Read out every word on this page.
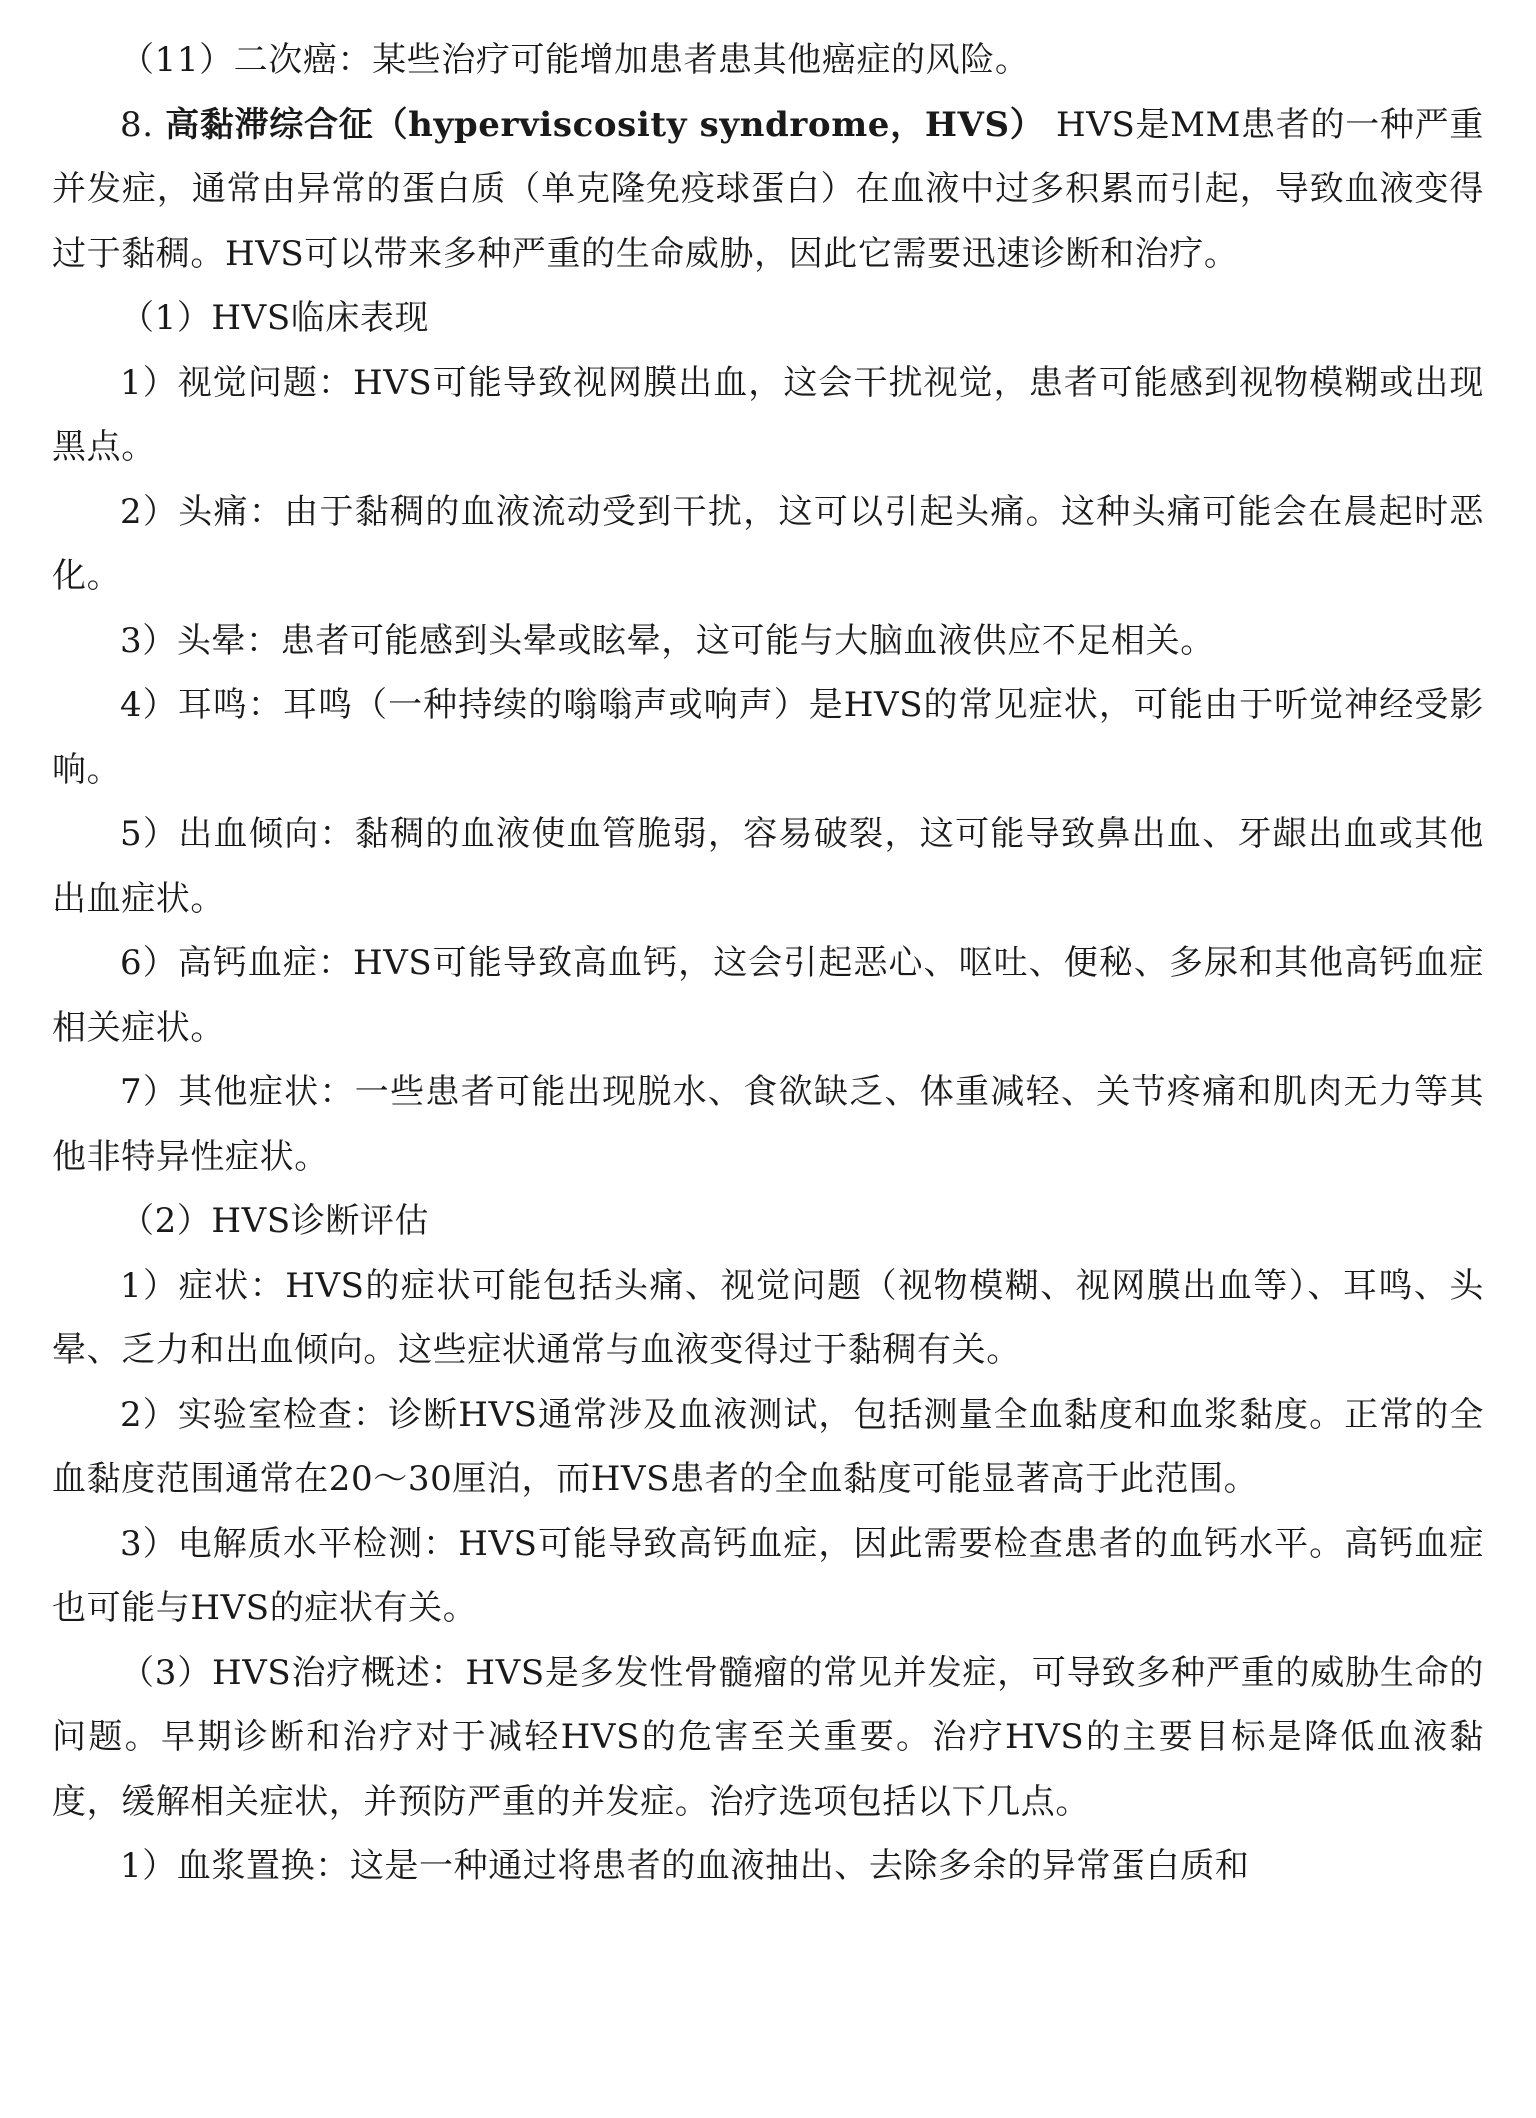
（11）二次癌：某些治疗可能增加患者患其他癌症的风险。

8. 高黏滞综合征（hyperviscosity syndrome，HVS） HVS是MM患者的一种严重并发症，通常由异常的蛋白质（单克隆免疫球蛋白）在血液中过多积累而引起，导致血液变得过于黏稠。HVS可以带来多种严重的生命威胁，因此它需要迅速诊断和治疗。

（1）HVS临床表现

1）视觉问题：HVS可能导致视网膜出血，这会干扰视觉，患者可能感到视物模糊或出现黑点。

2）头痛：由于黏稠的血液流动受到干扰，这可以引起头痛。这种头痛可能会在晨起时恶化。

3）头晕：患者可能感到头晕或眩晕，这可能与大脑血液供应不足相关。

4）耳鸣：耳鸣（一种持续的嗡嗡声或响声）是HVS的常见症状，可能由于听觉神经受影响。

5）出血倾向：黏稠的血液使血管脆弱，容易破裂，这可能导致鼻出血、牙龈出血或其他出血症状。

6）高钙血症：HVS可能导致高血钙，这会引起恶心、呕吐、便秘、多尿和其他高钙血症相关症状。

7）其他症状：一些患者可能出现脱水、食欲缺乏、体重减轻、关节疼痛和肌肉无力等其他非特异性症状。

（2）HVS诊断评估

1）症状：HVS的症状可能包括头痛、视觉问题（视物模糊、视网膜出血等）、耳鸣、头晕、乏力和出血倾向。这些症状通常与血液变得过于黏稠有关。

2）实验室检查：诊断HVS通常涉及血液测试，包括测量全血黏度和血浆黏度。正常的全血黏度范围通常在20～30厘泊，而HVS患者的全血黏度可能显著高于此范围。

3）电解质水平检测：HVS可能导致高钙血症，因此需要检查患者的血钙水平。高钙血症也可能与HVS的症状有关。

（3）HVS治疗概述：HVS是多发性骨髓瘤的常见并发症，可导致多种严重的威胁生命的问题。早期诊断和治疗对于减轻HVS的危害至关重要。治疗HVS的主要目标是降低血液黏度，缓解相关症状，并预防严重的并发症。治疗选项包括以下几点。

1）血浆置换：这是一种通过将患者的血液抽出、去除多余的异常蛋白质和
